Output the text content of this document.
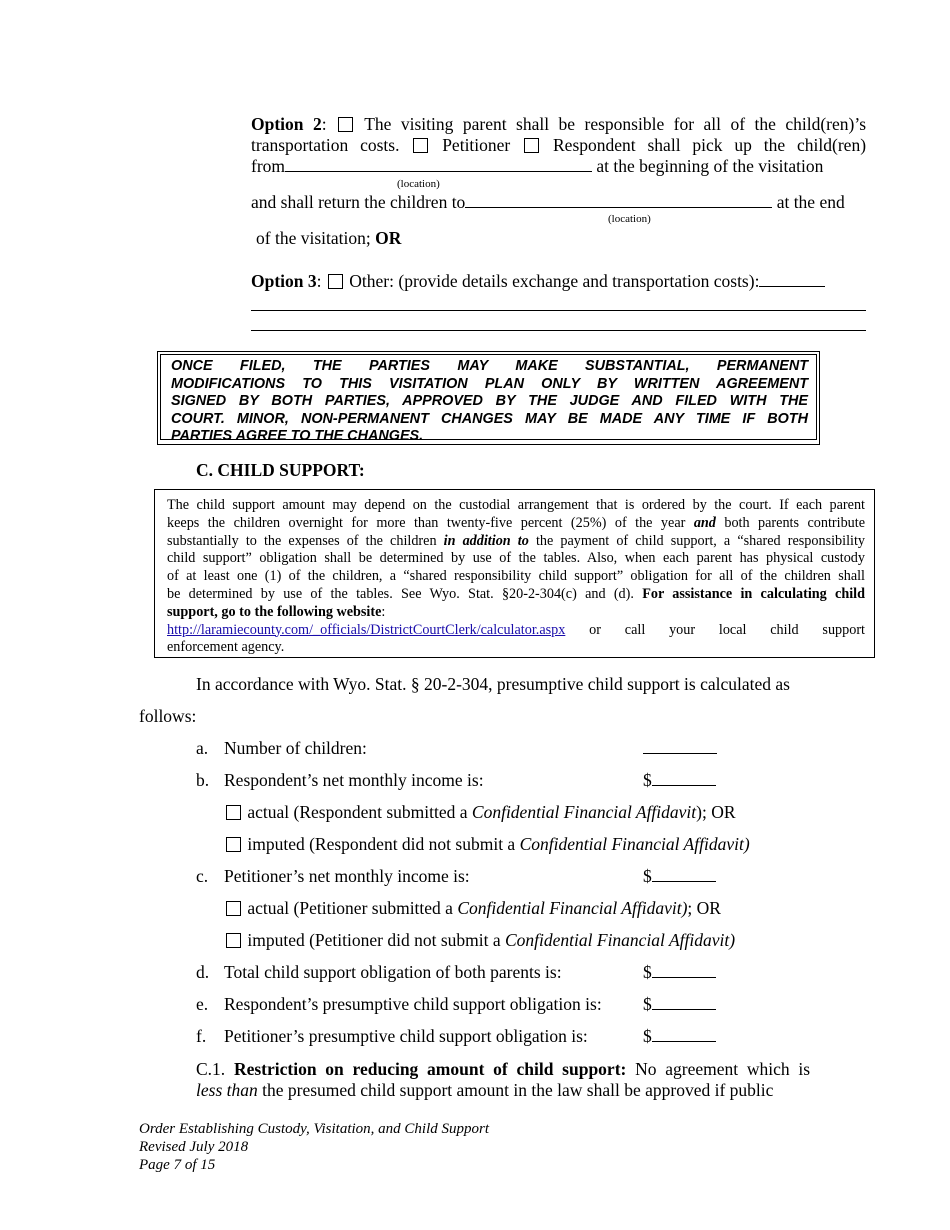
Option 2: The visiting parent shall be responsible for all of the child(ren)’s
transportation costs. Petitioner Respondent shall pick up the child(ren)
from	at the beginning of the visitation
(location)
and shall return the children to	at the end
(location)
of the visitation; OR
Option 3: Other: (provide details exchange and transportation costs):
ONCE FILED, THE PARTIES MAY MAKE SUBSTANTIAL, PERMANENT
MODIFICATIONS TO THIS VISITATION PLAN ONLY BY WRITTEN AGREEMENT
SIGNED BY BOTH PARTIES, APPROVED BY THE JUDGE AND FILED WITH THE
COURT. MINOR, NON-PERMANENT CHANGES MAY BE MADE ANY TIME IF BOTH
PARTIES AGREE TO THE CHANGES.
C. CHILD SUPPORT:
The child support amount may depend on the custodial arrangement that is ordered by the court. If each parent
keeps the children overnight for more than twenty-five percent (25%) of the year and both parents contribute
substantially to the expenses of the children in addition to the payment of child support, a “shared responsibility
child support” obligation shall be determined by use of the tables. Also, when each parent has physical custody
of at least one (1) of the children, a “shared responsibility child support” obligation for all of the children shall
be determined by use of the tables. See Wyo. Stat. §20-2-304(c) and (d). For assistance in calculating child
support, go to the following website:
http://laramiecounty.com/_officials/DistrictCourtClerk/calculator.aspx or call your local child support
enforcement agency.
In accordance with Wyo. Stat. § 20-2-304, presumptive child support is calculated as
follows:
a. Number of children:
b. Respondent’s net monthly income is:	$
actual (Respondent submitted a Confidential Financial Affidavit); OR
imputed (Respondent did not submit a Confidential Financial Affidavit)
c. Petitioner’s net monthly income is:	$
actual (Petitioner submitted a Confidential Financial Affidavit); OR
imputed (Petitioner did not submit a Confidential Financial Affidavit)
d. Total child support obligation of both parents is:	$
e. Respondent’s presumptive child support obligation is: $
f. Petitioner’s presumptive child support obligation is:	$
C.1. Restriction on reducing amount of child support: No agreement which is
less than the presumed child support amount in the law shall be approved if public
Order Establishing Custody, Visitation, and Child Support
Revised July 2018
Page 7 of 15
